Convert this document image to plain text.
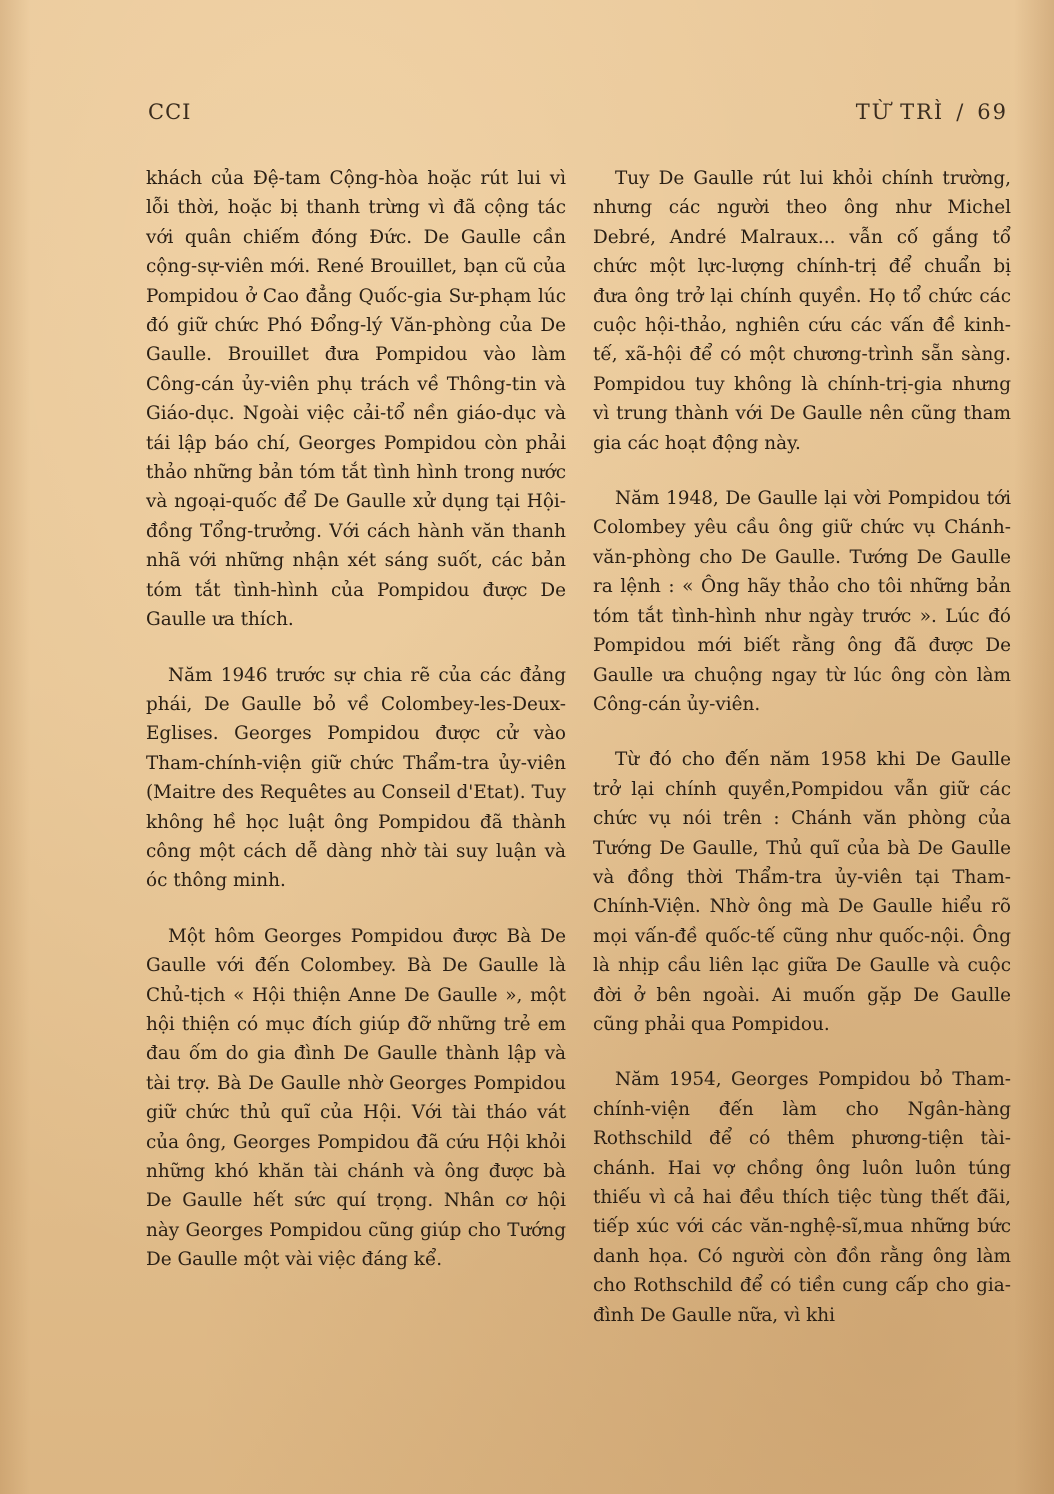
CCI	TỪ TRÌ / 69

khách của Đệ-tam Cộng-hòa hoặc rút lui vì lỗi thời, hoặc bị thanh trừng vì đã cộng tác với quân chiếm đóng Đức. De Gaulle cần cộng-sự-viên mới. René Brouillet, bạn cũ của Pompidou ở Cao đẳng Quốc-gia Sư-phạm lúc đó giữ chức Phó Đổng-lý Văn-phòng của De Gaulle. Brouillet đưa Pompidou vào làm Công-cán ủy-viên phụ trách về Thông-tin và Giáo-dục. Ngoài việc cải-tổ nền giáo-dục và tái lập báo chí, Georges Pompidou còn phải thảo những bản tóm tắt tình hình trong nước và ngoại-quốc để De Gaulle xử dụng tại Hội-đồng Tổng-trưởng. Với cách hành văn thanh nhã với những nhận xét sáng suốt, các bản tóm tắt tình-hình của Pompidou được De Gaulle ưa thích.

Năm 1946 trước sự chia rẽ của các đảng phái, De Gaulle bỏ về Colombey-les-Deux-Eglises. Georges Pompidou được cử vào Tham-chính-viện giữ chức Thẩm-tra ủy-viên (Maitre des Requêtes au Conseil d'Etat). Tuy không hề học luật ông Pompidou đã thành công một cách dễ dàng nhờ tài suy luận và óc thông minh.

Một hôm Georges Pompidou được Bà De Gaulle với đến Colombey. Bà De Gaulle là Chủ-tịch « Hội thiện Anne De Gaulle », một hội thiện có mục đích giúp đỡ những trẻ em đau ốm do gia đình De Gaulle thành lập và tài trợ. Bà De Gaulle nhờ Georges Pompidou giữ chức thủ quĩ của Hội. Với tài tháo vát của ông, Georges Pompidou đã cứu Hội khỏi những khó khăn tài chánh và ông được bà De Gaulle hết sức quí trọng. Nhân cơ hội này Georges Pompidou cũng giúp cho Tướng De Gaulle một vài việc đáng kể.

Tuy De Gaulle rút lui khỏi chính trường, nhưng các người theo ông như Michel Debré, André Malraux... vẫn cố gắng tổ chức một lực-lượng chính-trị để chuẩn bị đưa ông trở lại chính quyền. Họ tổ chức các cuộc hội-thảo, nghiên cứu các vấn đề kinh-tế, xã-hội để có một chương-trình sẵn sàng. Pompidou tuy không là chính-trị-gia nhưng vì trung thành với De Gaulle nên cũng tham gia các hoạt động này.

Năm 1948, De Gaulle lại vời Pompidou tới Colombey yêu cầu ông giữ chức vụ Chánh-văn-phòng cho De Gaulle. Tướng De Gaulle ra lệnh : « Ông hãy thảo cho tôi những bản tóm tắt tình-hình như ngày trước ». Lúc đó Pompidou mới biết rằng ông đã được De Gaulle ưa chuộng ngay từ lúc ông còn làm Công-cán ủy-viên.

Từ đó cho đến năm 1958 khi De Gaulle trở lại chính quyền,Pompidou vẫn giữ các chức vụ nói trên : Chánh văn phòng của Tướng De Gaulle, Thủ quĩ của bà De Gaulle và đồng thời Thẩm-tra ủy-viên tại Tham-Chính-Viện. Nhờ ông mà De Gaulle hiểu rõ mọi vấn-đề quốc-tế cũng như quốc-nội. Ông là nhịp cầu liên lạc giữa De Gaulle và cuộc đời ở bên ngoài. Ai muốn gặp De Gaulle cũng phải qua Pompidou.

Năm 1954, Georges Pompidou bỏ Tham-chính-viện đến làm cho Ngân-hàng Rothschild để có thêm phương-tiện tài-chánh. Hai vợ chồng ông luôn luôn túng thiếu vì cả hai đều thích tiệc tùng thết đãi, tiếp xúc với các văn-nghệ-sĩ,mua những bức danh họa. Có người còn đồn rằng ông làm cho Rothschild để có tiền cung cấp cho gia-đình De Gaulle nữa, vì khi
